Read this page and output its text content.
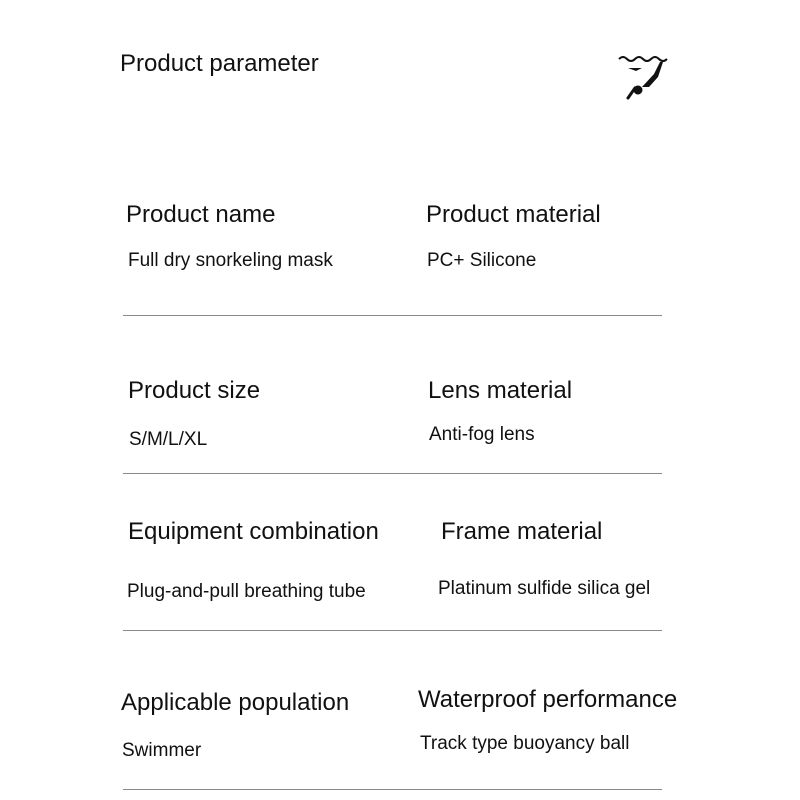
Product parameter
Product name
Full dry snorkeling mask
Product material
PC+ Silicone
Product size
S/M/L/XL
Lens material
Anti-fog lens
Equipment combination
Plug-and-pull breathing tube
Frame material
Platinum sulfide silica gel
Applicable population
Swimmer
Waterproof performance
Track type buoyancy ball
